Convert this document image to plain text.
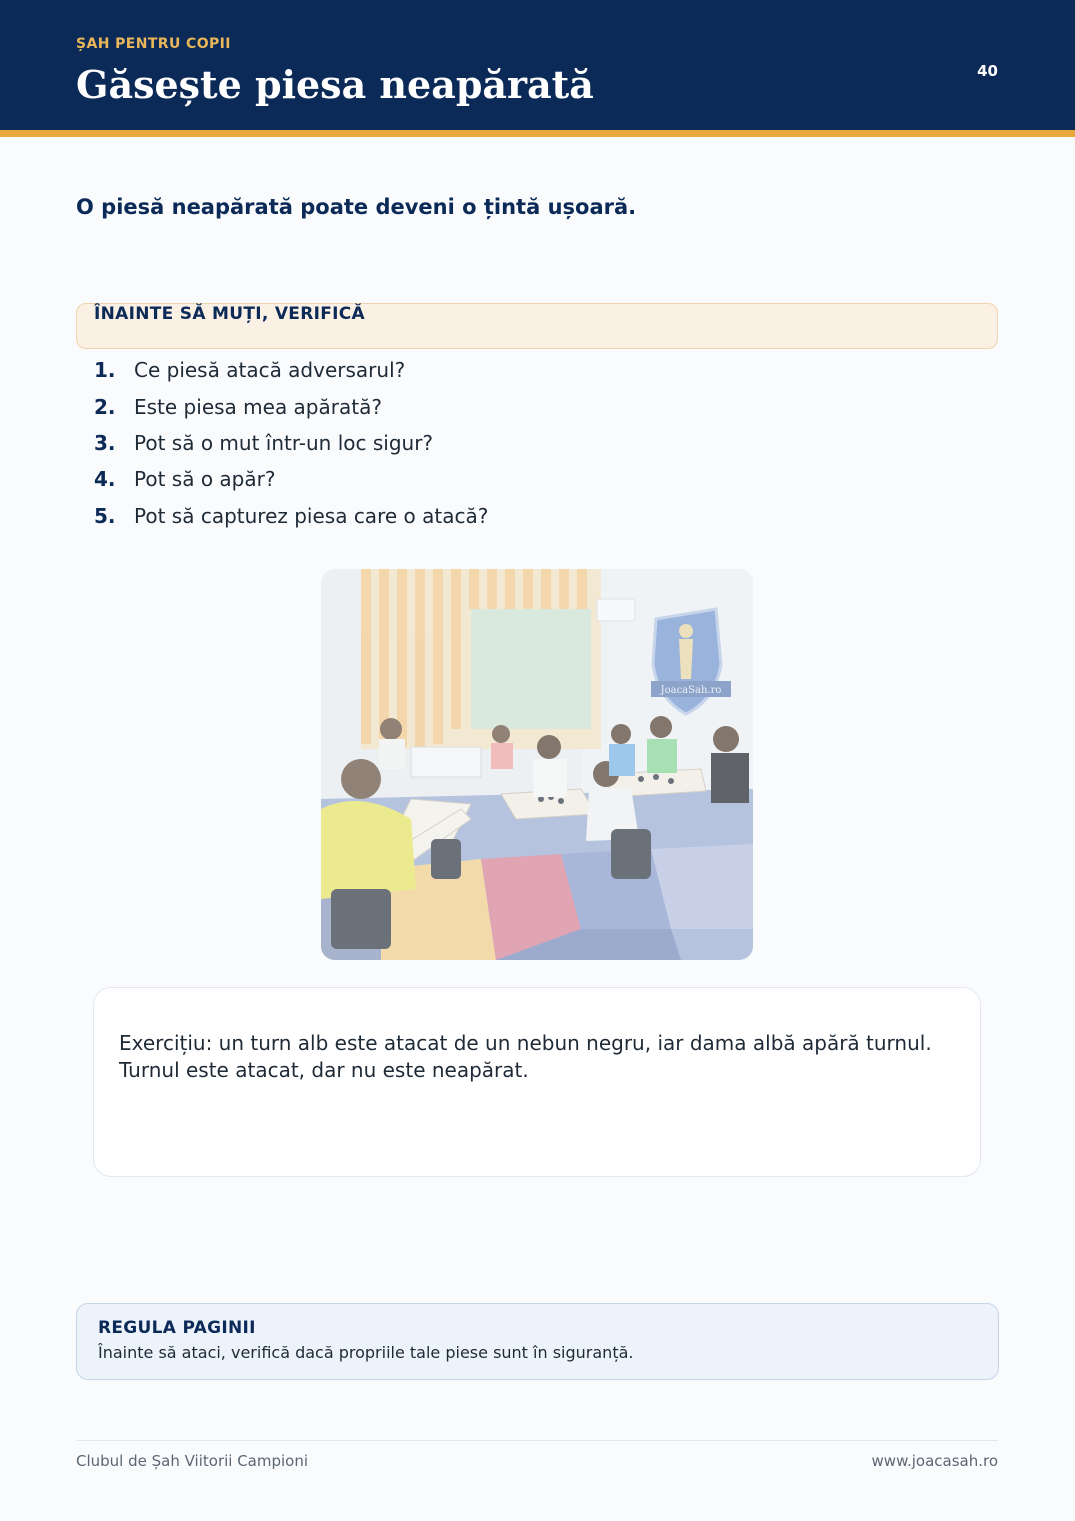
ȘAH PENTRU COPII
Găsește piesa neapărată	40
O piesă neapărată poate deveni o țintă ușoară.
ÎNAINTE SĂ MUȚI, VERIFICĂ
1. Ce piesă atacă adversarul?
2. Este piesa mea apărată?
3. Pot să o mut într-un loc sigur?
4. Pot să o apăr?
5. Pot să capturez piesa care o atacă?
JoacaSah.ro
Exercițiu: un turn alb este atacat de un nebun negru, iar dama albă apără turnul.
Turnul este atacat, dar nu este neapărat.
REGULA PAGINII
Înainte să ataci, verifică dacă propriile tale piese sunt în siguranță.
Clubul de Șah Viitorii Campioni	www.joacasah.ro
